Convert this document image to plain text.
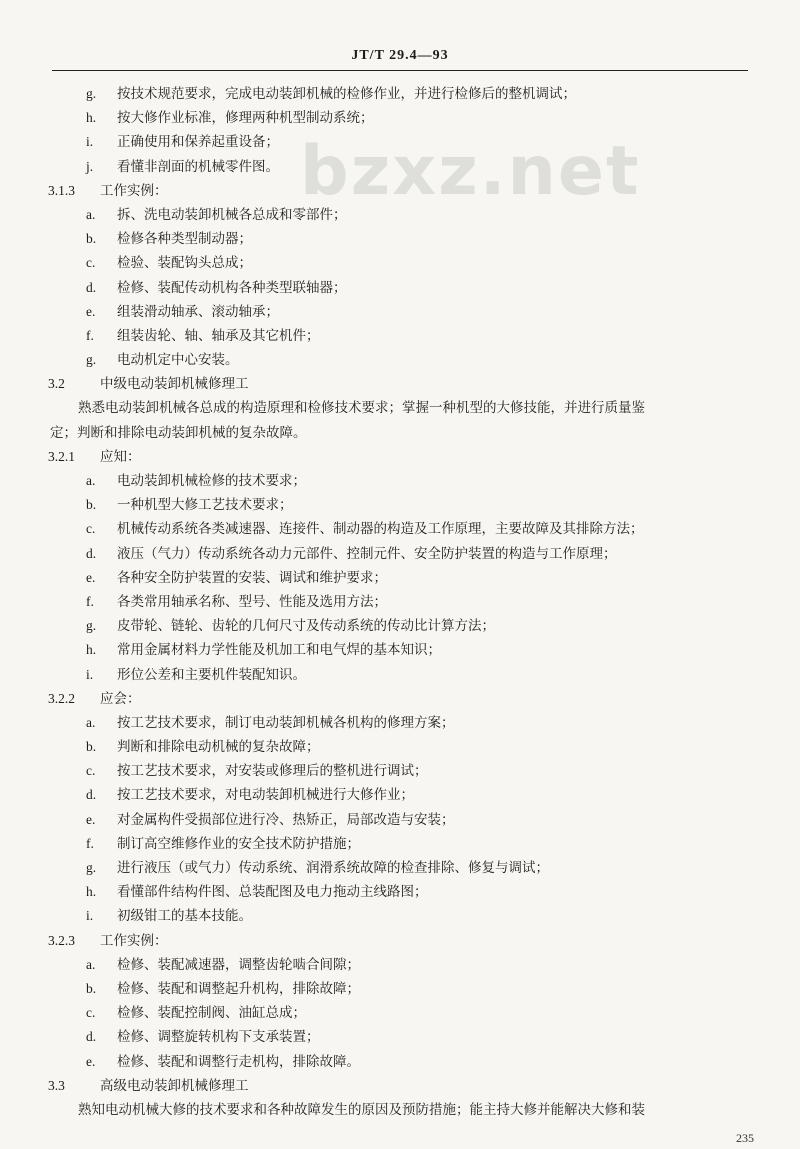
JT/T 29.4—93
bzxz.net
g.	按技术规范要求，完成电动装卸机械的检修作业，并进行检修后的整机调试；
h.	按大修作业标准，修理两种机型制动系统；
i.	正确使用和保养起重设备；
j.	看懂非剖面的机械零件图。
3.1.3 工作实例：
a.	拆、洗电动装卸机械各总成和零部件；
b.	检修各种类型制动器；
c.	检验、装配钩头总成；
d.	检修、装配传动机构各种类型联轴器；
e.	组装滑动轴承、滚动轴承；
f.	组装齿轮、轴、轴承及其它机件；
g.	电动机定中心安装。
3.2	中级电动装卸机械修理工
熟悉电动装卸机械各总成的构造原理和检修技术要求；掌握一种机型的大修技能，并进行质量鉴
定；判断和排除电动装卸机械的复杂故障。
3.2.1 应知：
a.	电动装卸机械检修的技术要求；
b.	一种机型大修工艺技术要求；
c.	机械传动系统各类减速器、连接件、制动器的构造及工作原理，主要故障及其排除方法；
d.	液压（气力）传动系统各动力元部件、控制元件、安全防护装置的构造与工作原理；
e.	各种安全防护装置的安装、调试和维护要求；
f.	各类常用轴承名称、型号、性能及选用方法；
g.	皮带轮、链轮、齿轮的几何尺寸及传动系统的传动比计算方法；
h.	常用金属材料力学性能及机加工和电气焊的基本知识；
i.	形位公差和主要机件装配知识。
3.2.2 应会：
a.	按工艺技术要求，制订电动装卸机械各机构的修理方案；
b.	判断和排除电动机械的复杂故障；
c.	按工艺技术要求，对安装或修理后的整机进行调试；
d.	按工艺技术要求，对电动装卸机械进行大修作业；
e.	对金属构件受损部位进行冷、热矫正，局部改造与安装；
f.	制订高空维修作业的安全技术防护措施；
g.	进行液压（或气力）传动系统、润滑系统故障的检查排除、修复与调试；
h.	看懂部件结构件图、总装配图及电力拖动主线路图；
i.	初级钳工的基本技能。
3.2.3 工作实例：
a.	检修、装配减速器，调整齿轮啮合间隙；
b.	检修、装配和调整起升机构，排除故障；
c.	检修、装配控制阀、油缸总成；
d.	检修、调整旋转机构下支承装置；
e.	检修、装配和调整行走机构，排除故障。
3.3	高级电动装卸机械修理工
熟知电动机械大修的技术要求和各种故障发生的原因及预防措施；能主持大修并能解决大修和装
235
